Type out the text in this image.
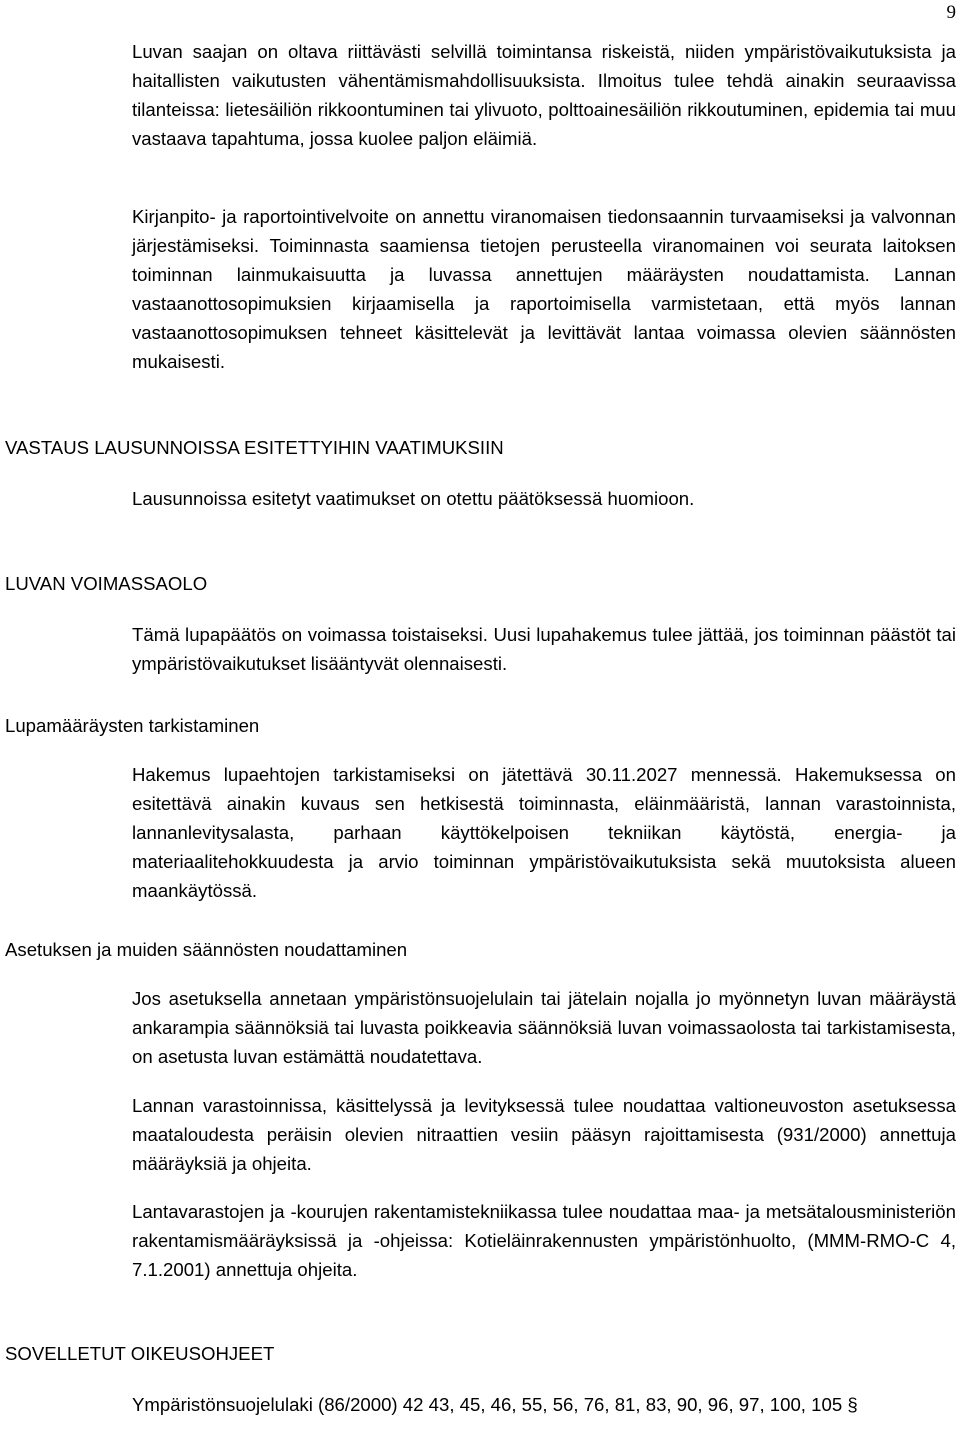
9

Luvan saajan on oltava riittävästi selvillä toimintansa riskeistä, niiden ympäristövaikutuksista ja haitallisten vaikutusten vähentämismahdollisuuksista. Ilmoitus tulee tehdä ainakin seuraavissa tilanteissa: lietesäiliön rikkoontuminen tai ylivuoto, polttoainesäiliön rikkoutuminen, epidemia tai muu vastaava tapahtuma, jossa kuolee paljon eläimiä.

Kirjanpito- ja raportointivelvoite on annettu viranomaisen tiedonsaannin turvaamiseksi ja valvonnan järjestämiseksi. Toiminnasta saamiensa tietojen perusteella viranomainen voi seurata laitoksen toiminnan lainmukaisuutta ja luvassa annettujen määräysten noudattamista. Lannan vastaanottosopimuksien kirjaamisella ja raportoimisella varmistetaan, että myös lannan vastaanottosopimuksen tehneet käsittelevät ja levittävät lantaa voimassa olevien säännösten mukaisesti.

VASTAUS LAUSUNNOISSA ESITETTYIHIN VAATIMUKSIIN

Lausunnoissa esitetyt vaatimukset on otettu päätöksessä huomioon.

LUVAN VOIMASSAOLO

Tämä lupapäätös on voimassa toistaiseksi. Uusi lupahakemus tulee jättää, jos toiminnan päästöt tai ympäristövaikutukset lisääntyvät olennaisesti.

Lupamääräysten tarkistaminen

Hakemus lupaehtojen tarkistamiseksi on jätettävä 30.11.2027 mennessä. Hakemuksessa on esitettävä ainakin kuvaus sen hetkisestä toiminnasta, eläinmääristä, lannan varastoinnista, lannanlevitysalasta, parhaan käyttökelpoisen tekniikan käytöstä, energia- ja materiaalitehokkuudesta ja arvio toiminnan ympäristövaikutuksista sekä muutoksista alueen maankäytössä.

Asetuksen ja muiden säännösten noudattaminen

Jos asetuksella annetaan ympäristönsuojelulain tai jätelain nojalla jo myönnetyn luvan määräystä ankarampia säännöksiä tai luvasta poikkeavia säännöksiä luvan voimassaolosta tai tarkistamisesta, on asetusta luvan estämättä noudatettava.

Lannan varastoinnissa, käsittelyssä ja levityksessä tulee noudattaa valtioneuvoston asetuksessa maataloudesta peräisin olevien nitraattien vesiin pääsyn rajoittamisesta (931/2000) annettuja määräyksiä ja ohjeita.

Lantavarastojen ja -kourujen rakentamistekniikassa tulee noudattaa maa- ja metsätalousministeriön rakentamismääräyksissä ja -ohjeissa: Kotieläinrakennusten ympäristönhuolto, (MMM-RMO-C 4, 7.1.2001) annettuja ohjeita.

SOVELLETUT OIKEUSOHJEET

Ympäristönsuojelulaki (86/2000) 42 43, 45, 46, 55, 56, 76, 81, 83, 90, 96, 97, 100, 105 §
